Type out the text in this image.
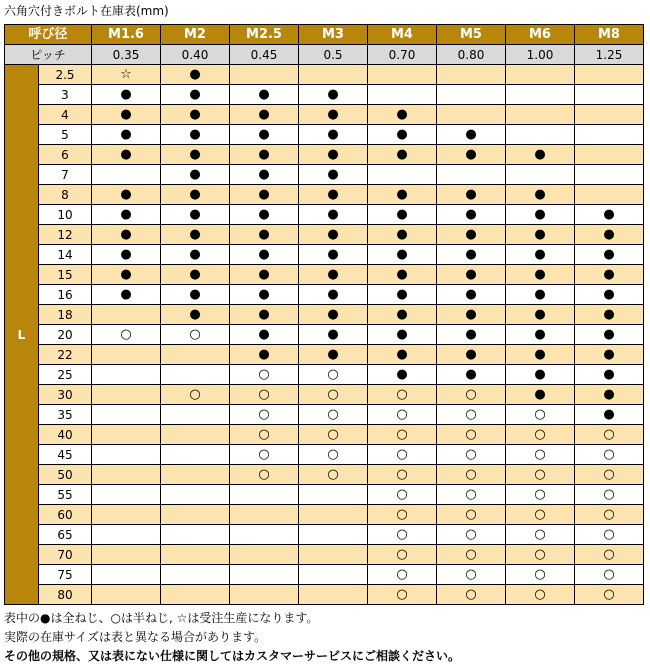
六角穴付きボルト在庫表(mm)
呼び径		M1.6	M2	M2.5	M3	M4	M5	M6	M8
ピッチ		0.35	0.40	0.45	0.5	0.70	0.80	1.00	1.25
L	2.5	☆	●						
	3	●	●	●	●				
	4	●	●	●	●	●			
	5	●	●	●	●	●	●		
	6	●	●	●	●	●	●	●	
	7		●	●	●				
	8	●	●	●	●	●	●	●	
	10	●	●	●	●	●	●	●	●
	12	●	●	●	●	●	●	●	●
	14	●	●	●	●	●	●	●	●
	15	●	●	●	●	●	●	●	●
	16	●	●	●	●	●	●	●	●
	18		●	●	●	●	●	●	●
	20	○	○	●	●	●	●	●	●
	22			●	●	●	●	●	●
	25			○	○	●	●	●	●
	30		○	○	○	○	○	●	●
	35			○	○	○	○	○	●
	40			○	○	○	○	○	○
	45			○	○	○	○	○	○
	50			○	○	○	○	○	○
	55					○	○	○	○
	60					○	○	○	○
	65					○	○	○	○
	70					○	○	○	○
	75					○	○	○	○
	80					○	○	○	○
表中の●は全ねじ、○は半ねじ, ☆は受注生産になります。
実際の在庫サイズは表と異なる場合があります。
その他の規格、又は表にない仕様に関してはカスタマーサービスにご相談ください。
